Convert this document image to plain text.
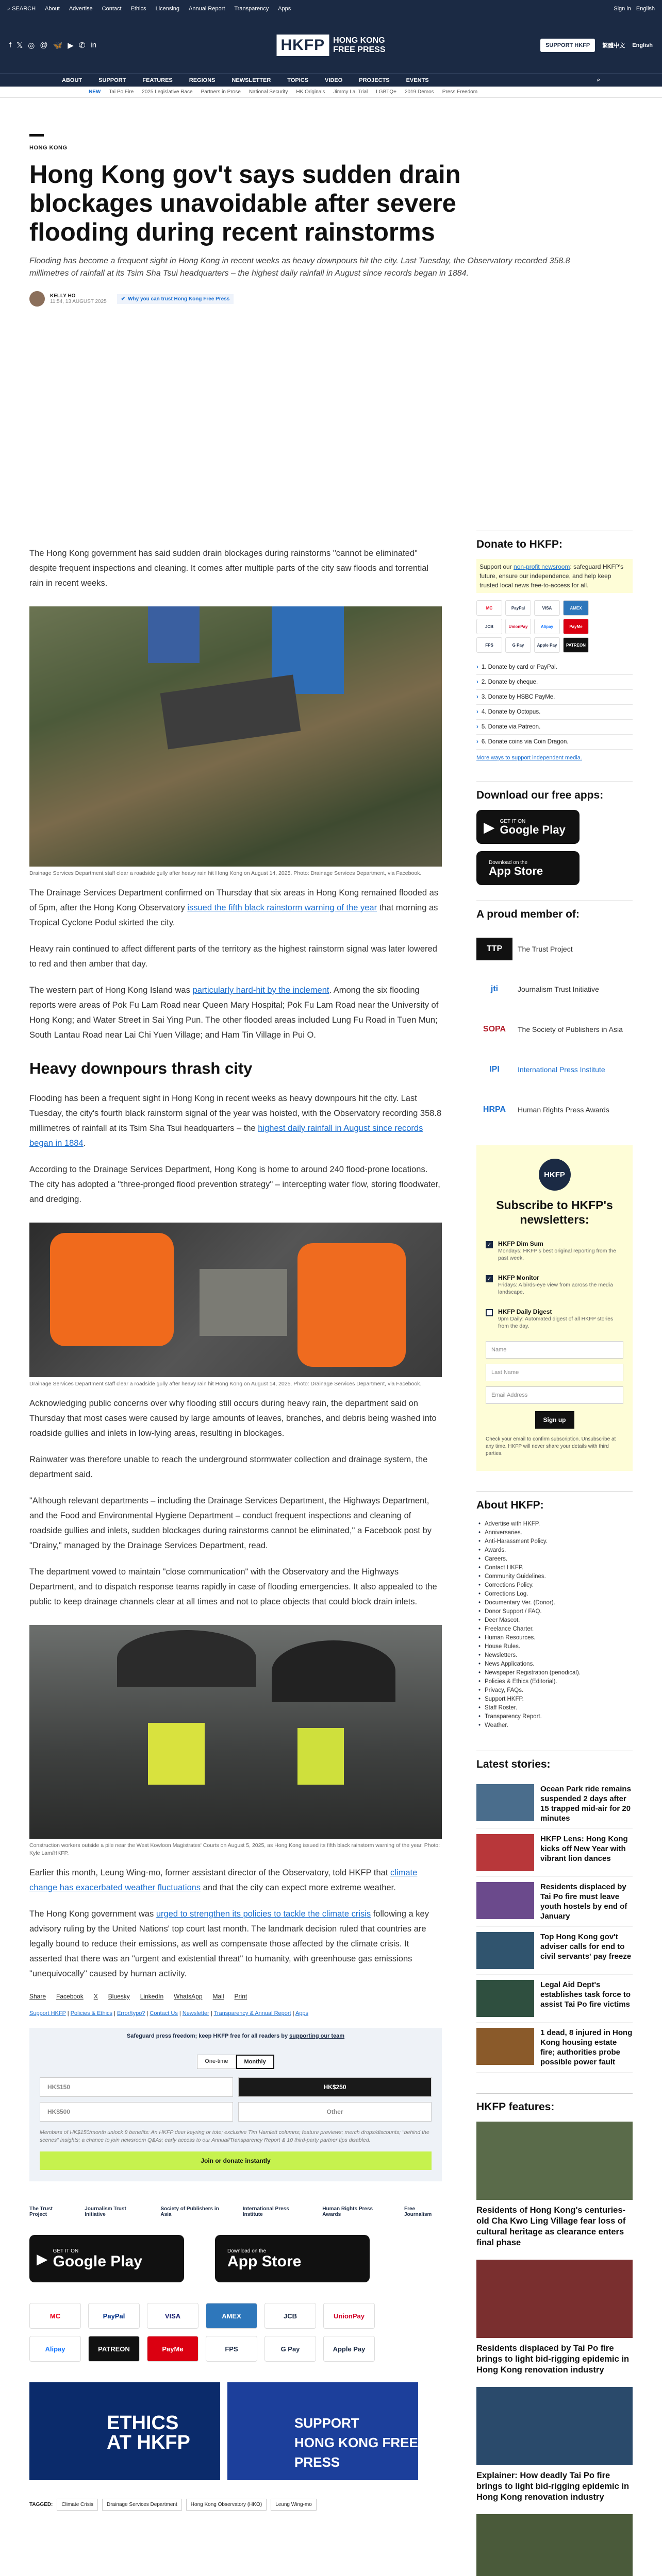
⌕ SEARCH About Advertise Contact Ethics Licensing Annual Report Transparency Apps	Sign in English
f 𝕏 ◎ @ 🦋 ▶ ✆ in	HKFP	HONG KONG
FREE PRESS	SUPPORT HKFP	繁體中文 English
ABOUT	SUPPORT	FEATURES	REGIONS	NEWSLETTER	TOPICS	VIDEO	PROJECTS	EVENTS	⌕
NEW Tai Po Fire 2025 Legislative Race Partners in Prose National Security HK Originals Jimmy Lai Trial LGBTQ+ 2019 Demos Press Freedom
HONG KONG
Hong Kong gov't says sudden drain blockages unavoidable after severe flooding during recent rainstorms
Flooding has become a frequent sight in Hong Kong in recent weeks as heavy downpours hit the city. Last Tuesday, the Observatory recorded 358.8 millimetres of rainfall at its Tsim Sha Tsui headquarters – the highest daily rainfall in August since records began in 1884.
KELLY HO
11:54, 13 AUGUST 2025	✔ Why you can trust Hong Kong Free Press

The Hong Kong government has said sudden drain blockages during rainstorms "cannot be eliminated" despite frequent inspections and cleaning. It comes after multiple parts of the city saw floods and torrential rain in recent weeks.

Drainage Services Department staff clear a roadside gully after heavy rain hit Hong Kong on August 14, 2025. Photo: Drainage Services Department, via Facebook.

The Drainage Services Department confirmed on Thursday that six areas in Hong Kong remained flooded as of 5pm, after the Hong Kong Observatory issued the fifth black rainstorm warning of the year that morning as Tropical Cyclone Podul skirted the city.

Heavy rain continued to affect different parts of the territory as the highest rainstorm signal was later lowered to red and then amber that day.

The western part of Hong Kong Island was particularly hard-hit by the inclement. Among the six flooding reports were areas of Pok Fu Lam Road near Queen Mary Hospital; Pok Fu Lam Road near the University of Hong Kong; and Water Street in Sai Ying Pun. The other flooded areas included Lung Fu Road in Tuen Mun; South Lantau Road near Lai Chi Yuen Village; and Ham Tin Village in Pui O.

Heavy downpours thrash city

Flooding has been a frequent sight in Hong Kong in recent weeks as heavy downpours hit the city. Last Tuesday, the city's fourth black rainstorm signal of the year was hoisted, with the Observatory recording 358.8 millimetres of rainfall at its Tsim Sha Tsui headquarters – the highest daily rainfall in August since records began in 1884.

According to the Drainage Services Department, Hong Kong is home to around 240 flood-prone locations. The city has adopted a "three-pronged flood prevention strategy" – intercepting water flow, storing floodwater, and dredging.

Drainage Services Department staff clear a roadside gully after heavy rain hit Hong Kong on August 14, 2025. Photo: Drainage Services Department, via Facebook.

Acknowledging public concerns over why flooding still occurs during heavy rain, the department said on Thursday that most cases were caused by large amounts of leaves, branches, and debris being washed into roadside gullies and inlets in low-lying areas, resulting in blockages.

Rainwater was therefore unable to reach the underground stormwater collection and drainage system, the department said.

"Although relevant departments – including the Drainage Services Department, the Highways Department, and the Food and Environmental Hygiene Department – conduct frequent inspections and cleaning of roadside gullies and inlets, sudden blockages during rainstorms cannot be eliminated," a Facebook post by "Drainy," managed by the Drainage Services Department, read.

The department vowed to maintain "close communication" with the Observatory and the Highways Department, and to dispatch response teams rapidly in case of flooding emergencies. It also appealed to the public to keep drainage channels clear at all times and not to place objects that could block drain inlets.

Construction workers outside a pile near the West Kowloon Magistrates' Courts on August 5, 2025, as Hong Kong issued its fifth black rainstorm warning of the year. Photo: Kyle Lam/HKFP.

Earlier this month, Leung Wing-mo, former assistant director of the Observatory, told HKFP that climate change has exacerbated weather fluctuations and that the city can expect more extreme weather.

The Hong Kong government was urged to strengthen its policies to tackle the climate crisis following a key advisory ruling by the United Nations' top court last month. The landmark decision ruled that countries are legally bound to reduce their emissions, as well as compensate those affected by the climate crisis. It asserted that there was an "urgent and existential threat" to humanity, with greenhouse gas emissions "unequivocally" caused by human activity.

Share Facebook X Bluesky LinkedIn WhatsApp Mail Print
Support HKFP | Policies & Ethics | Error/typo? | Contact Us | Newsletter | Transparency & Annual Report | Apps
Safeguard press freedom; keep HKFP free for all readers by supporting our team
One-time	Monthly
HK$150	HK$250
HK$500	Other
Members of HK$150/month unlock 8 benefits: An HKFP deer keyring or tote; exclusive Tim Hamlett columns; feature previews; merch drops/discounts; "behind the scenes" insights; a chance to join newsroom Q&As; early access to our Annual/Transparency Report & 10 third-party partner tips disabled.
Join or donate instantly
The Trust Project
Journalism Trust Initiative
Society of Publishers in Asia
International Press Institute
Human Rights Press Awards
Free Journalism
▶ GET IT ON
Google Play
Download on the
App Store
MC	PayPal	VISA	AMEX	JCB	UnionPay
Alipay	PATREON	PayMe	FPS	G Pay	Apple Pay
ETHICS
AT HKFP
SUPPORT
HONG KONG FREE PRESS
TAGGED:	Climate Crisis	Drainage Services Department	Hong Kong Observatory (HKO)	Leung Wing-mo
Donate to HKFP:
Support our non-profit newsroom: safeguard HKFP's future, ensure our independence, and help keep trusted local news free-to-access for all.
MC	PayPal	VISA	AMEX
JCB	UnionPay	Alipay	PayMe
FPS	G Pay	Apple Pay	PATREON
› 1. Donate by card or PayPal.
› 2. Donate by cheque.
› 3. Donate by HSBC PayMe.
› 4. Donate by Octopus.
› 5. Donate via Patreon.
› 6. Donate coins via Coin Dragon.
More ways to support independent media.
Download our free apps:
▶ GET IT ON
Google Play
Download on the
App Store
A proud member of:
TTP	The Trust Project
jti	Journalism Trust Initiative
SOPA	The Society of Publishers in Asia
IPI	International Press Institute
HRPA	Human Rights Press Awards
HKFP
Subscribe to HKFP's newsletters:
✓ HKFP Dim Sum
Mondays: HKFP's best original reporting from the past week.
✓ HKFP Monitor
Fridays: A birds-eye view from across the media landscape.
HKFP Daily Digest
9pm Daily: Automated digest of all HKFP stories from the day.
Name
Last Name
Email Address
Sign up
Check your email to confirm subscription. Unsubscribe at any time. HKFP will never share your details with third parties.
About HKFP:
• Advertise with HKFP.
• Anniversaries.
• Anti-Harassment Policy.
• Awards.
• Careers.
• Contact HKFP.
• Community Guidelines.
• Corrections Policy.
• Corrections Log.
• Documentary Ver. (Donor).
• Donor Support / FAQ.
• Deer Mascot.
• Freelance Charter.
• Human Resources.
• House Rules.
• Newsletters.
• News Applications.
• Newspaper Registration (periodical).
• Policies & Ethics (Editorial).
• Privacy, FAQs.
• Support HKFP.
• Staff Roster.
• Transparency Report.
• Weather.
Latest stories:
Ocean Park ride remains suspended 2 days after 15 trapped mid-air for 20 minutes
HKFP Lens: Hong Kong kicks off New Year with vibrant lion dances
Residents displaced by Tai Po fire must leave youth hostels by end of January
Top Hong Kong gov't adviser calls for end to civil servants' pay freeze
Legal Aid Dept's establishes task force to assist Tai Po fire victims
1 dead, 8 injured in Hong Kong housing estate fire; authorities probe possible power fault
HKFP features:
Residents of Hong Kong's centuries-old Cha Kwo Ling Village fear loss of cultural heritage as clearance enters final phase
Residents displaced by Tai Po fire brings to light bid-rigging epidemic in Hong Kong renovation industry
Explainer: How deadly Tai Po fire brings to light bid-rigging epidemic in Hong Kong renovation industry
